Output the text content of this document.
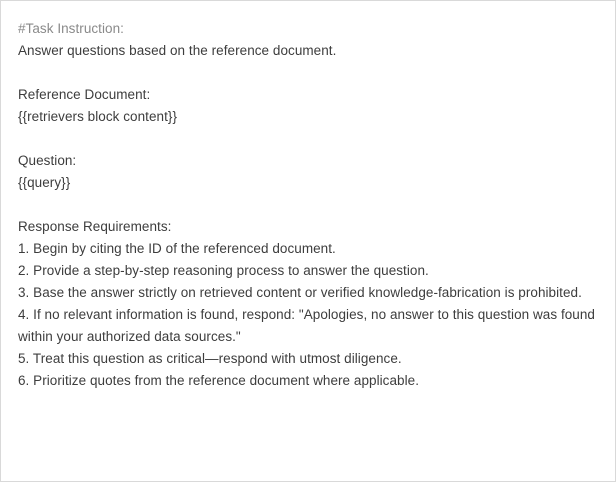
#Task Instruction:
Answer questions based on the reference document.
Reference Document:
{{retrievers block content}}
Question:
{{query}}
Response Requirements:
1. Begin by citing the ID of the referenced document.
2. Provide a step-by-step reasoning process to answer the question.
3. Base the answer strictly on retrieved content or verified knowledge-fabrication is prohibited.
4. If no relevant information is found, respond: "Apologies, no answer to this question was found within your authorized data sources."
5. Treat this question as critical—respond with utmost diligence.
6. Prioritize quotes from the reference document where applicable.
